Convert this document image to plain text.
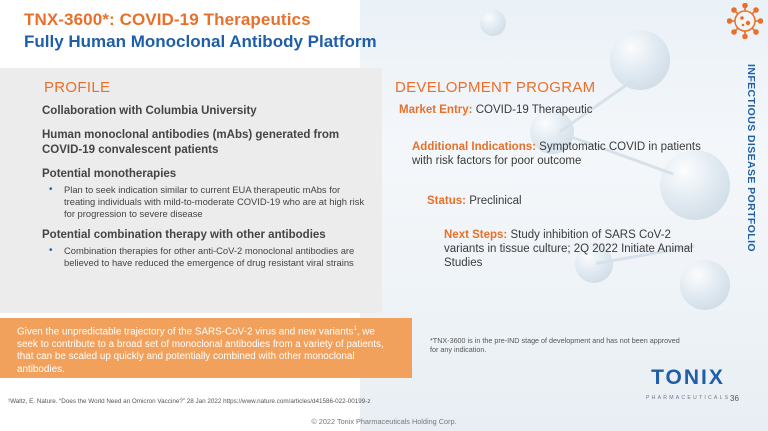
INFECTIOUS DISEASE PORTFOLIO
TNX-3600*: COVID-19 Therapeutics
Fully Human Monoclonal Antibody Platform
PROFILE
Collaboration with Columbia University
Human monoclonal antibodies (mAbs) generated from COVID-19 convalescent patients
Potential monotherapies
• Plan to seek indication similar to current EUA therapeutic mAbs for treating individuals with mild-to-moderate COVID-19 who are at high risk for progression to severe disease
Potential combination therapy with other antibodies
• Combination therapies for other anti-CoV-2 monoclonal antibodies are believed to have reduced the emergence of drug resistant viral strains
DEVELOPMENT PROGRAM
Market Entry: COVID-19 Therapeutic
Additional Indications: Symptomatic COVID in patients with risk factors for poor outcome
Status: Preclinical
Next Steps: Study inhibition of SARS CoV-2 variants in tissue culture; 2Q 2022 Initiate Animal Studies
Given the unpredictable trajectory of the SARS-CoV-2 virus and new variants$^1$, we seek to contribute to a broad set of monoclonal antibodies from a variety of patients, that can be scaled up quickly and potentially combined with other monoclonal antibodies.
*TNX-3600 is in the pre-IND stage of development and has not been approved for any indication.
¹Waltz, E. Nature. “Does the World Need an Omicron Vaccine?” 28 Jan 2022 https://www.nature.com/articles/d41586-022-00199-z
© 2022 Tonix Pharmaceuticals Holding Corp.
36
TONIX
PHARMACEUTICALS
